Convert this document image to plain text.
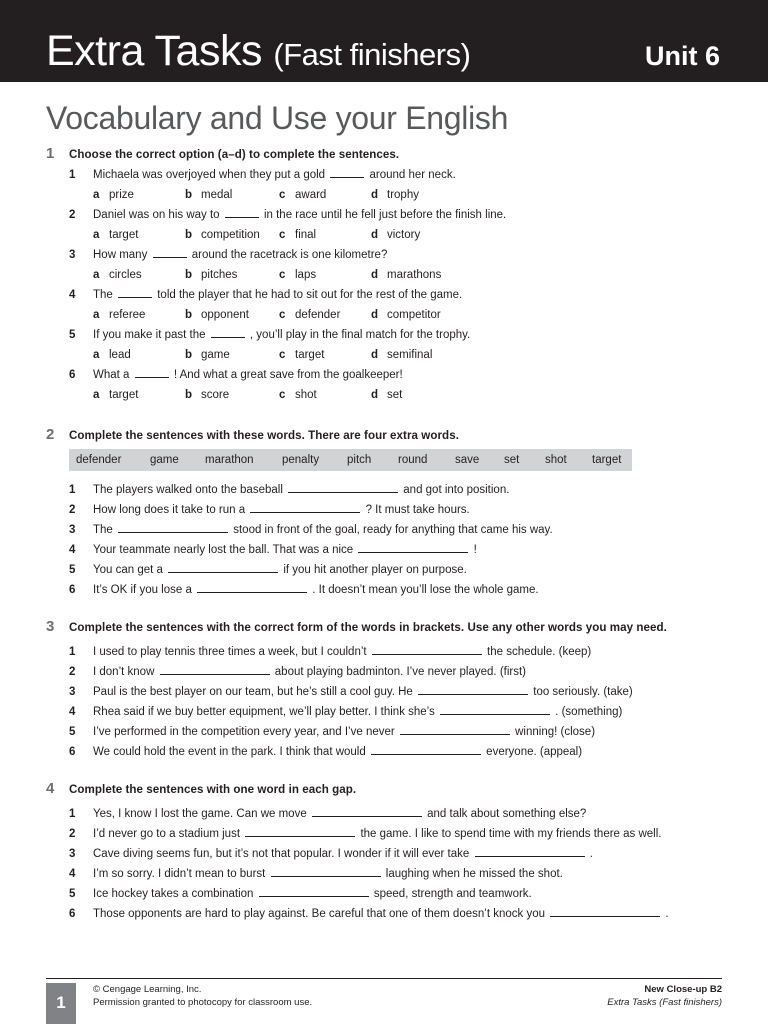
Extra Tasks (Fast finishers)	Unit 6
Vocabulary and Use your English
1	Choose the correct option (a–d) to complete the sentences.
1	Michaela was overjoyed when they put a gold	around her neck.
a prize	b medal	c award	d trophy
2	Daniel was on his way to	in the race until he fell just before the finish line.
a target	b competition c final	d victory
3	How many	around the racetrack is one kilometre?
a circles	b pitches	c laps	d marathons
4	The	told the player that he had to sit out for the rest of the game.
a referee	b opponent	c defender	d competitor
5	If you make it past the	, you’ll play in the final match for the trophy.
a lead	b game	c target	d semifinal
6	What a	! And what a great save from the goalkeeper!
a target	b score	c shot	d set
2	Complete the sentences with these words. There are four extra words.
defender game marathon penalty pitch round save set shot target
1	The players walked onto the baseball	and got into position.
2	How long does it take to run a	? It must take hours.
3	The	stood in front of the goal, ready for anything that came his way.
4	Your teammate nearly lost the ball. That was a nice	!
5	You can get a	if you hit another player on purpose.
6	It’s OK if you lose a	. It doesn’t mean you’ll lose the whole game.
3	Complete the sentences with the correct form of the words in brackets. Use any other words you may need.
1	I used to play tennis three times a week, but I couldn’t	the schedule. (keep)
2	I don’t know	about playing badminton. I’ve never played. (first)
3	Paul is the best player on our team, but he’s still a cool guy. He	too seriously. (take)
4	Rhea said if we buy better equipment, we’ll play better. I think she’s	. (something)
5	I’ve performed in the competition every year, and I’ve never	winning! (close)
6	We could hold the event in the park. I think that would	everyone. (appeal)
4	Complete the sentences with one word in each gap.
1	Yes, I know I lost the game. Can we move	and talk about something else?
2	I’d never go to a stadium just	the game. I like to spend time with my friends there as well.
3	Cave diving seems fun, but it’s not that popular. I wonder if it will ever take	.
4	I’m so sorry. I didn’t mean to burst	laughing when he missed the shot.
5	Ice hockey takes a combination	speed, strength and teamwork.
6	Those opponents are hard to play against. Be careful that one of them doesn’t knock you	.
1
© Cengage Learning, Inc.
Permission granted to photocopy for classroom use.
New Close-up B2
Extra Tasks (Fast finishers)
